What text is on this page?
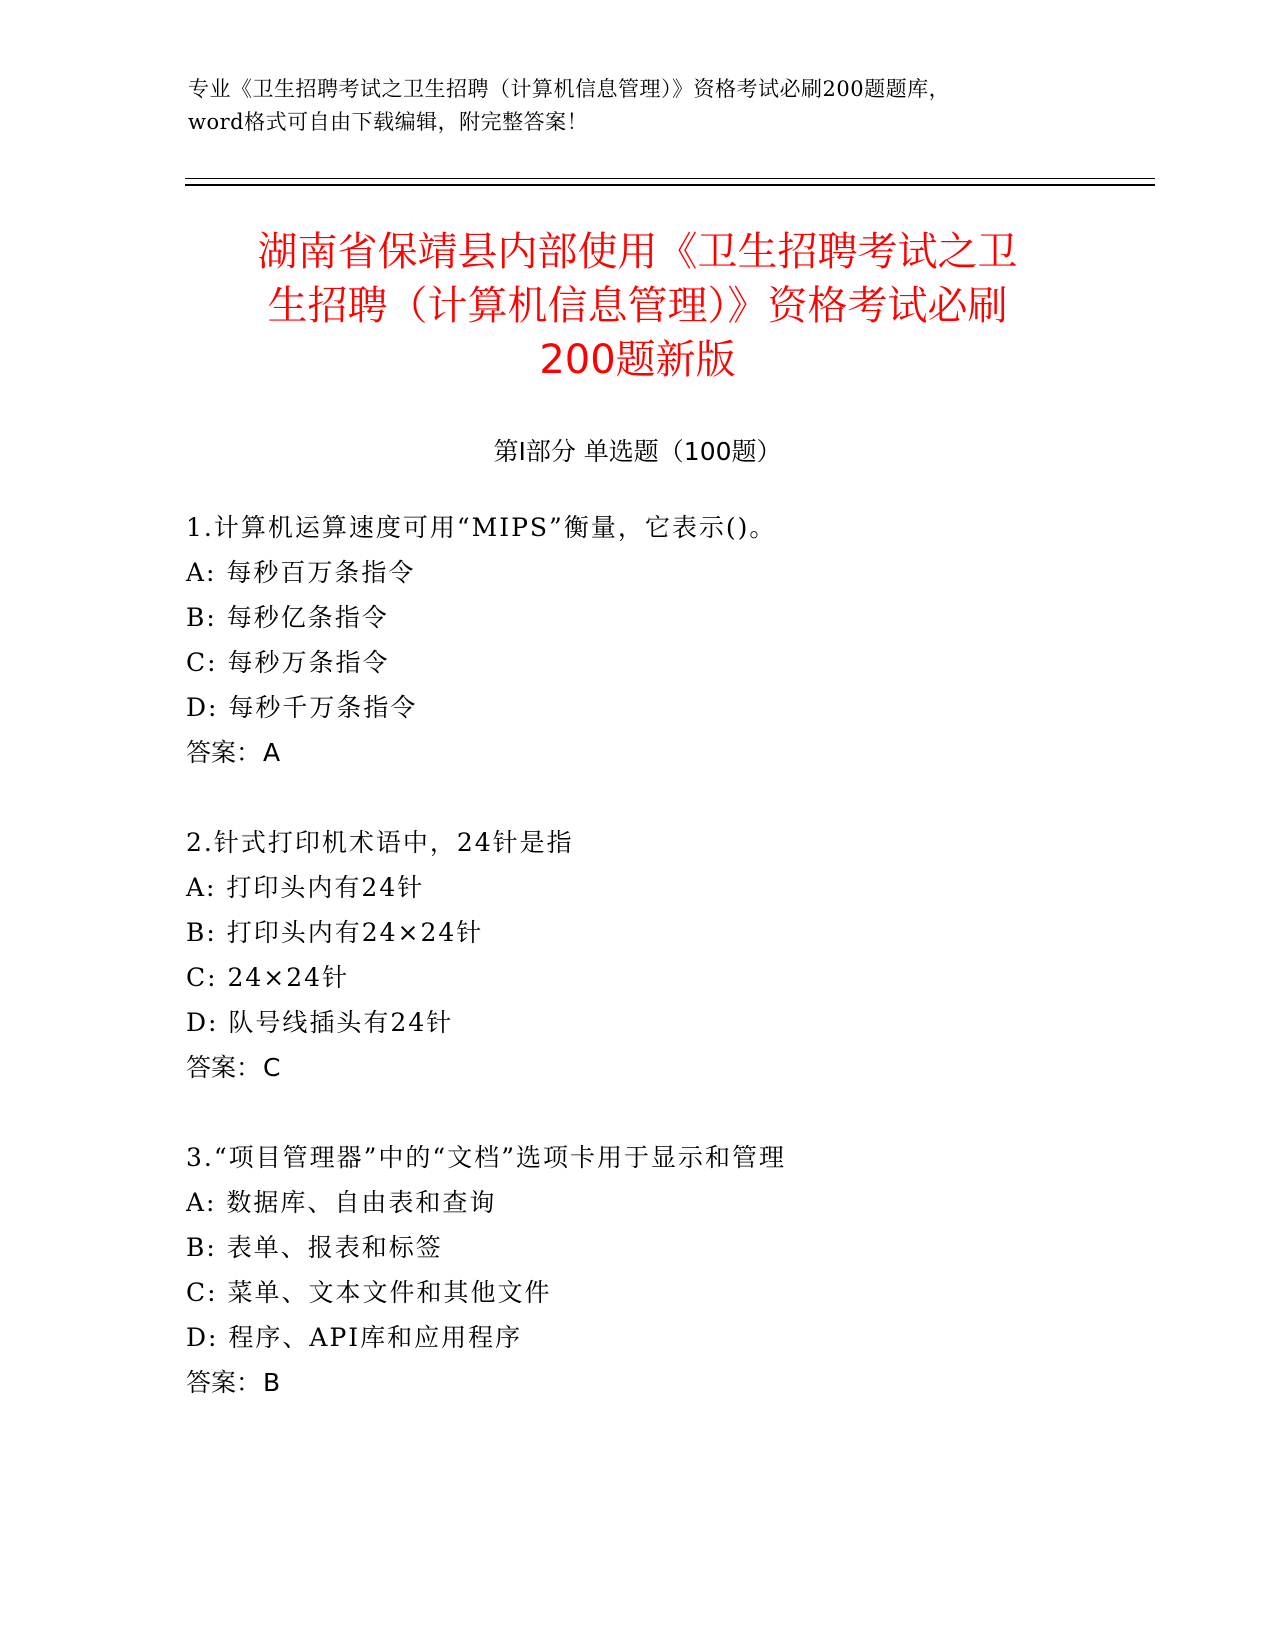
专业《卫生招聘考试之卫生招聘（计算机信息管理）》资格考试必刷200题题库，
word格式可自由下载编辑，附完整答案！
湖南省保靖县内部使用《卫生招聘考试之卫
生招聘（计算机信息管理）》资格考试必刷
200题新版
第Ⅰ部分 单选题（100题）
1.计算机运算速度可用“MIPS”衡量，它表示()。
A: 每秒百万条指令
B: 每秒亿条指令
C: 每秒万条指令
D: 每秒千万条指令
答案：A
2.针式打印机术语中，24针是指
A: 打印头内有24针
B: 打印头内有24×24针
C: 24×24针
D: 队号线插头有24针
答案：C
3.“项目管理器”中的“文档”选项卡用于显示和管理
A: 数据库、自由表和查询
B: 表单、报表和标签
C: 菜单、文本文件和其他文件
D: 程序、API库和应用程序
答案：B
